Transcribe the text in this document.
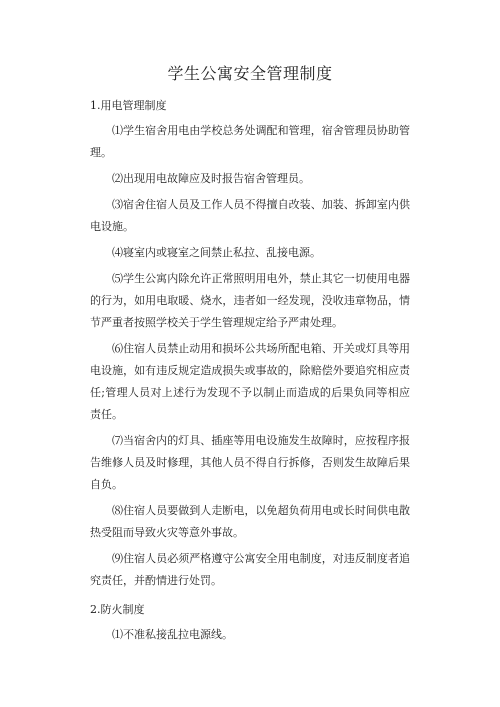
学生公寓安全管理制度

1.用电管理制度

⑴学生宿舍用电由学校总务处调配和管理，宿舍管理员协助管理。

⑵出现用电故障应及时报告宿舍管理员。

⑶宿舍住宿人员及工作人员不得擅自改装、加装、拆卸室内供电设施。

⑷寝室内或寝室之间禁止私拉、乱接电源。

⑸学生公寓内除允许正常照明用电外，禁止其它一切使用电器的行为，如用电取暖、烧水，违者如一经发现，没收违章物品，情节严重者按照学校关于学生管理规定给予严肃处理。

⑹住宿人员禁止动用和损坏公共场所配电箱、开关或灯具等用电设施，如有违反规定造成损失或事故的，除赔偿外要追究相应责任;管理人员对上述行为发现不予以制止而造成的后果负同等相应责任。

⑺当宿舍内的灯具、插座等用电设施发生故障时，应按程序报告维修人员及时修理，其他人员不得自行拆修，否则发生故障后果自负。

⑻住宿人员要做到人走断电，以免超负荷用电或长时间供电散热受阻而导致火灾等意外事故。

⑼住宿人员必须严格遵守公寓安全用电制度，对违反制度者追究责任，并酌情进行处罚。

2.防火制度

⑴不准私接乱拉电源线。
